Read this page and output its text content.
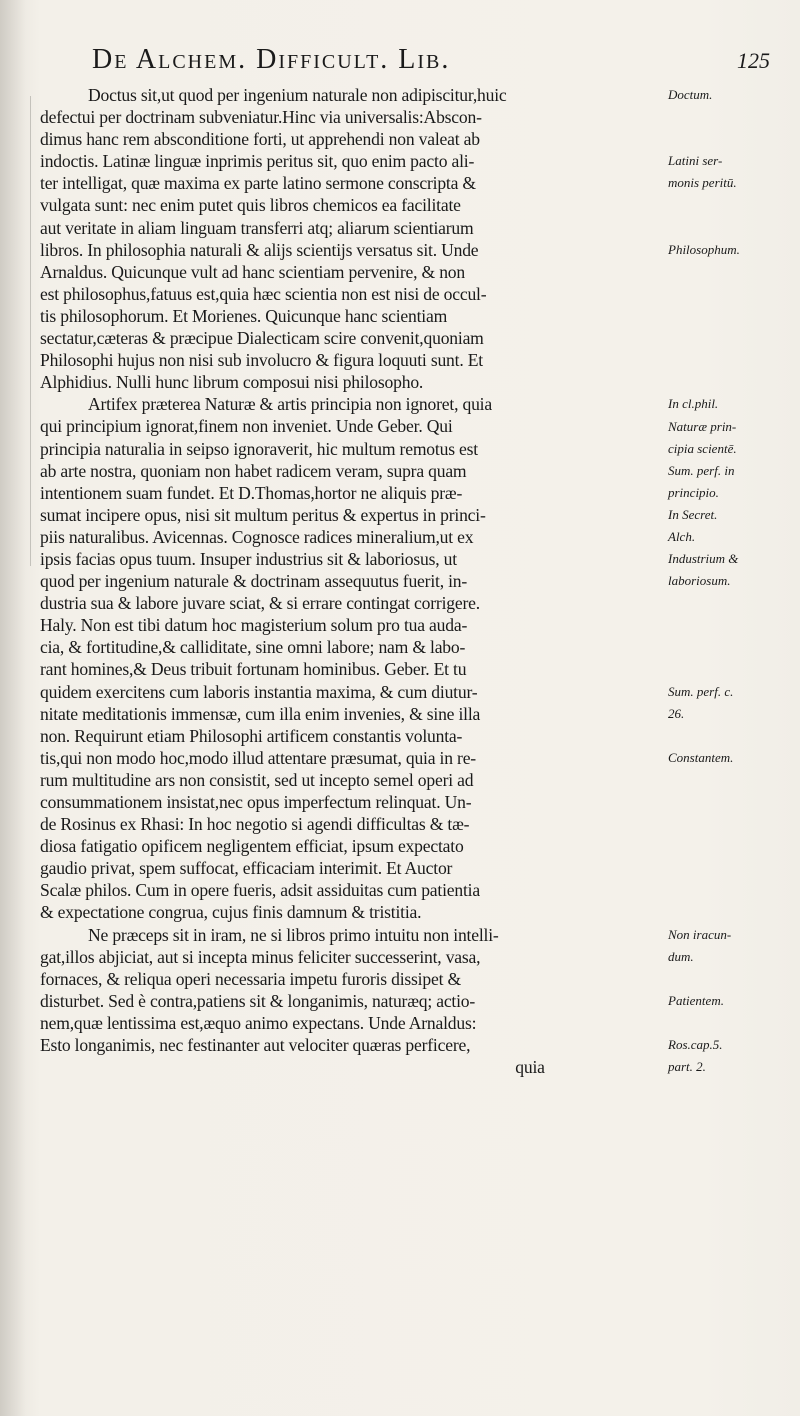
De Alchem. Difficult. Lib.	125
Doctus sit,ut quod per ingenium naturale non adipiscitur,huic
defectui per doctrinam subveniatur.Hinc via universalis:Abscon-
dimus hanc rem absconditione forti, ut apprehendi non valeat ab
indoctis. Latinæ linguæ inprimis peritus sit, quo enim pacto ali-
ter intelligat, quæ maxima ex parte latino sermone conscripta &
vulgata sunt: nec enim putet quis libros chemicos ea facilitate
aut veritate in aliam linguam transferri atq; aliarum scientiarum
libros. In philosophia naturali & alijs scientijs versatus sit. Unde
Arnaldus. Quicunque vult ad hanc scientiam pervenire, & non
est philosophus,fatuus est,quia hæc scientia non est nisi de occul-
tis philosophorum. Et Morienes. Quicunque hanc scientiam
sectatur,cæteras & præcipue Dialecticam scire convenit,quoniam
Philosophi hujus non nisi sub involucro & figura loquuti sunt. Et
Alphidius. Nulli hunc librum composui nisi philosopho.
Artifex præterea Naturæ & artis principia non ignoret, quia
qui principium ignorat,finem non inveniet. Unde Geber. Qui
principia naturalia in seipso ignoraverit, hic multum remotus est
ab arte nostra, quoniam non habet radicem veram, supra quam
intentionem suam fundet. Et D.Thomas,hortor ne aliquis præ-
sumat incipere opus, nisi sit multum peritus & expertus in princi-
piis naturalibus. Avicennas. Cognosce radices mineralium,ut ex
ipsis facias opus tuum. Insuper industrius sit & laboriosus, ut
quod per ingenium naturale & doctrinam assequutus fuerit, in-
dustria sua & labore juvare sciat, & si errare contingat corrigere.
Haly. Non est tibi datum hoc magisterium solum pro tua auda-
cia, & fortitudine,& calliditate, sine omni labore; nam & labo-
rant homines,& Deus tribuit fortunam hominibus. Geber. Et tu
quidem exercitens cum laboris instantia maxima, & cum diutur-
nitate meditationis immensæ, cum illa enim invenies, & sine illa
non. Requirunt etiam Philosophi artificem constantis volunta-
tis,qui non modo hoc,modo illud attentare præsumat, quia in re-
rum multitudine ars non consistit, sed ut incepto semel operi ad
consummationem insistat,nec opus imperfectum relinquat. Un-
de Rosinus ex Rhasi: In hoc negotio si agendi difficultas & tæ-
diosa fatigatio opificem negligentem efficiat, ipsum expectato
gaudio privat, spem suffocat, efficaciam interimit. Et Auctor
Scalæ philos. Cum in opere fueris, adsit assiduitas cum patientia
& expectatione congrua, cujus finis damnum & tristitia.
Ne præceps sit in iram, ne si libros primo intuitu non intelli-
gat,illos abjiciat, aut si incepta minus feliciter successerint, vasa,
fornaces, & reliqua operi necessaria impetu furoris dissipet &
disturbet. Sed è contra,patiens sit & longanimis, naturæq; actio-
nem,quæ lentissima est,æquo animo expectans. Unde Arnaldus:
Esto longanimis, nec festinanter aut velociter quæras perficere,
quia
Doctum.
Latini ser-
monis peritū.
Philosophum.
In cl.phil.
Naturæ prin-
cipia scientē.
Sum. perf. in
principio.
In Secret.
Alch.
Industrium &
laboriosum.
Sum. perf. c.
26.
Constantem.
Non iracun-
dum.
Patientem.
Ros.cap.5.
part. 2.
